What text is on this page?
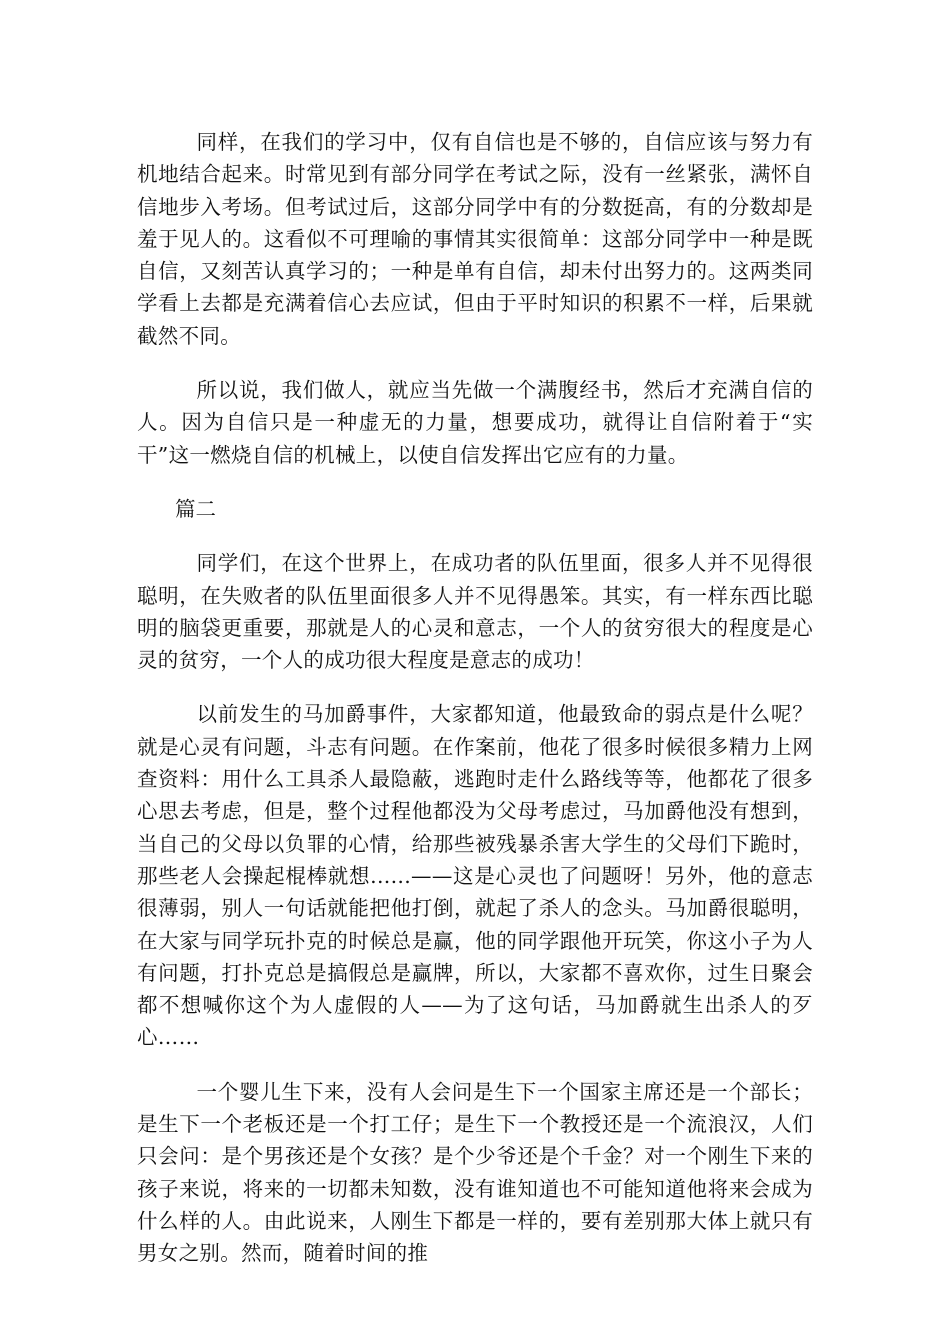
同样，在我们的学习中，仅有自信也是不够的，自信应该与努力有机地结合起来。时常见到有部分同学在考试之际，没有一丝紧张，满怀自信地步入考场。但考试过后，这部分同学中有的分数挺高，有的分数却是羞于见人的。这看似不可理喻的事情其实很简单：这部分同学中一种是既自信，又刻苦认真学习的；一种是单有自信，却未付出努力的。这两类同学看上去都是充满着信心去应试，但由于平时知识的积累不一样，后果就截然不同。

所以说，我们做人，就应当先做一个满腹经书，然后才充满自信的人。因为自信只是一种虚无的力量，想要成功，就得让自信附着于“实干”这一燃烧自信的机械上，以使自信发挥出它应有的力量。

篇二

同学们，在这个世界上，在成功者的队伍里面，很多人并不见得很聪明，在失败者的队伍里面很多人并不见得愚笨。其实，有一样东西比聪明的脑袋更重要，那就是人的心灵和意志，一个人的贫穷很大的程度是心灵的贫穷，一个人的成功很大程度是意志的成功！

以前发生的马加爵事件，大家都知道，他最致命的弱点是什么呢？就是心灵有问题，斗志有问题。在作案前，他花了很多时候很多精力上网查资料：用什么工具杀人最隐蔽，逃跑时走什么路线等等，他都花了很多心思去考虑，但是，整个过程他都没为父母考虑过，马加爵他没有想到，当自己的父母以负罪的心情，给那些被残暴杀害大学生的父母们下跪时，那些老人会操起棍棒就想......——这是心灵也了问题呀！另外，他的意志很薄弱，别人一句话就能把他打倒，就起了杀人的念头。马加爵很聪明，在大家与同学玩扑克的时候总是赢，他的同学跟他开玩笑，你这小子为人有问题，打扑克总是搞假总是赢牌，所以，大家都不喜欢你，过生日聚会都不想喊你这个为人虚假的人——为了这句话，马加爵就生出杀人的歹心……

一个婴儿生下来，没有人会问是生下一个国家主席还是一个部长；是生下一个老板还是一个打工仔；是生下一个教授还是一个流浪汉，人们只会问：是个男孩还是个女孩？是个少爷还是个千金？对一个刚生下来的孩子来说，将来的一切都未知数，没有谁知道也不可能知道他将来会成为什么样的人。由此说来，人刚生下都是一样的，要有差别那大体上就只有男女之别。然而，随着时间的推
